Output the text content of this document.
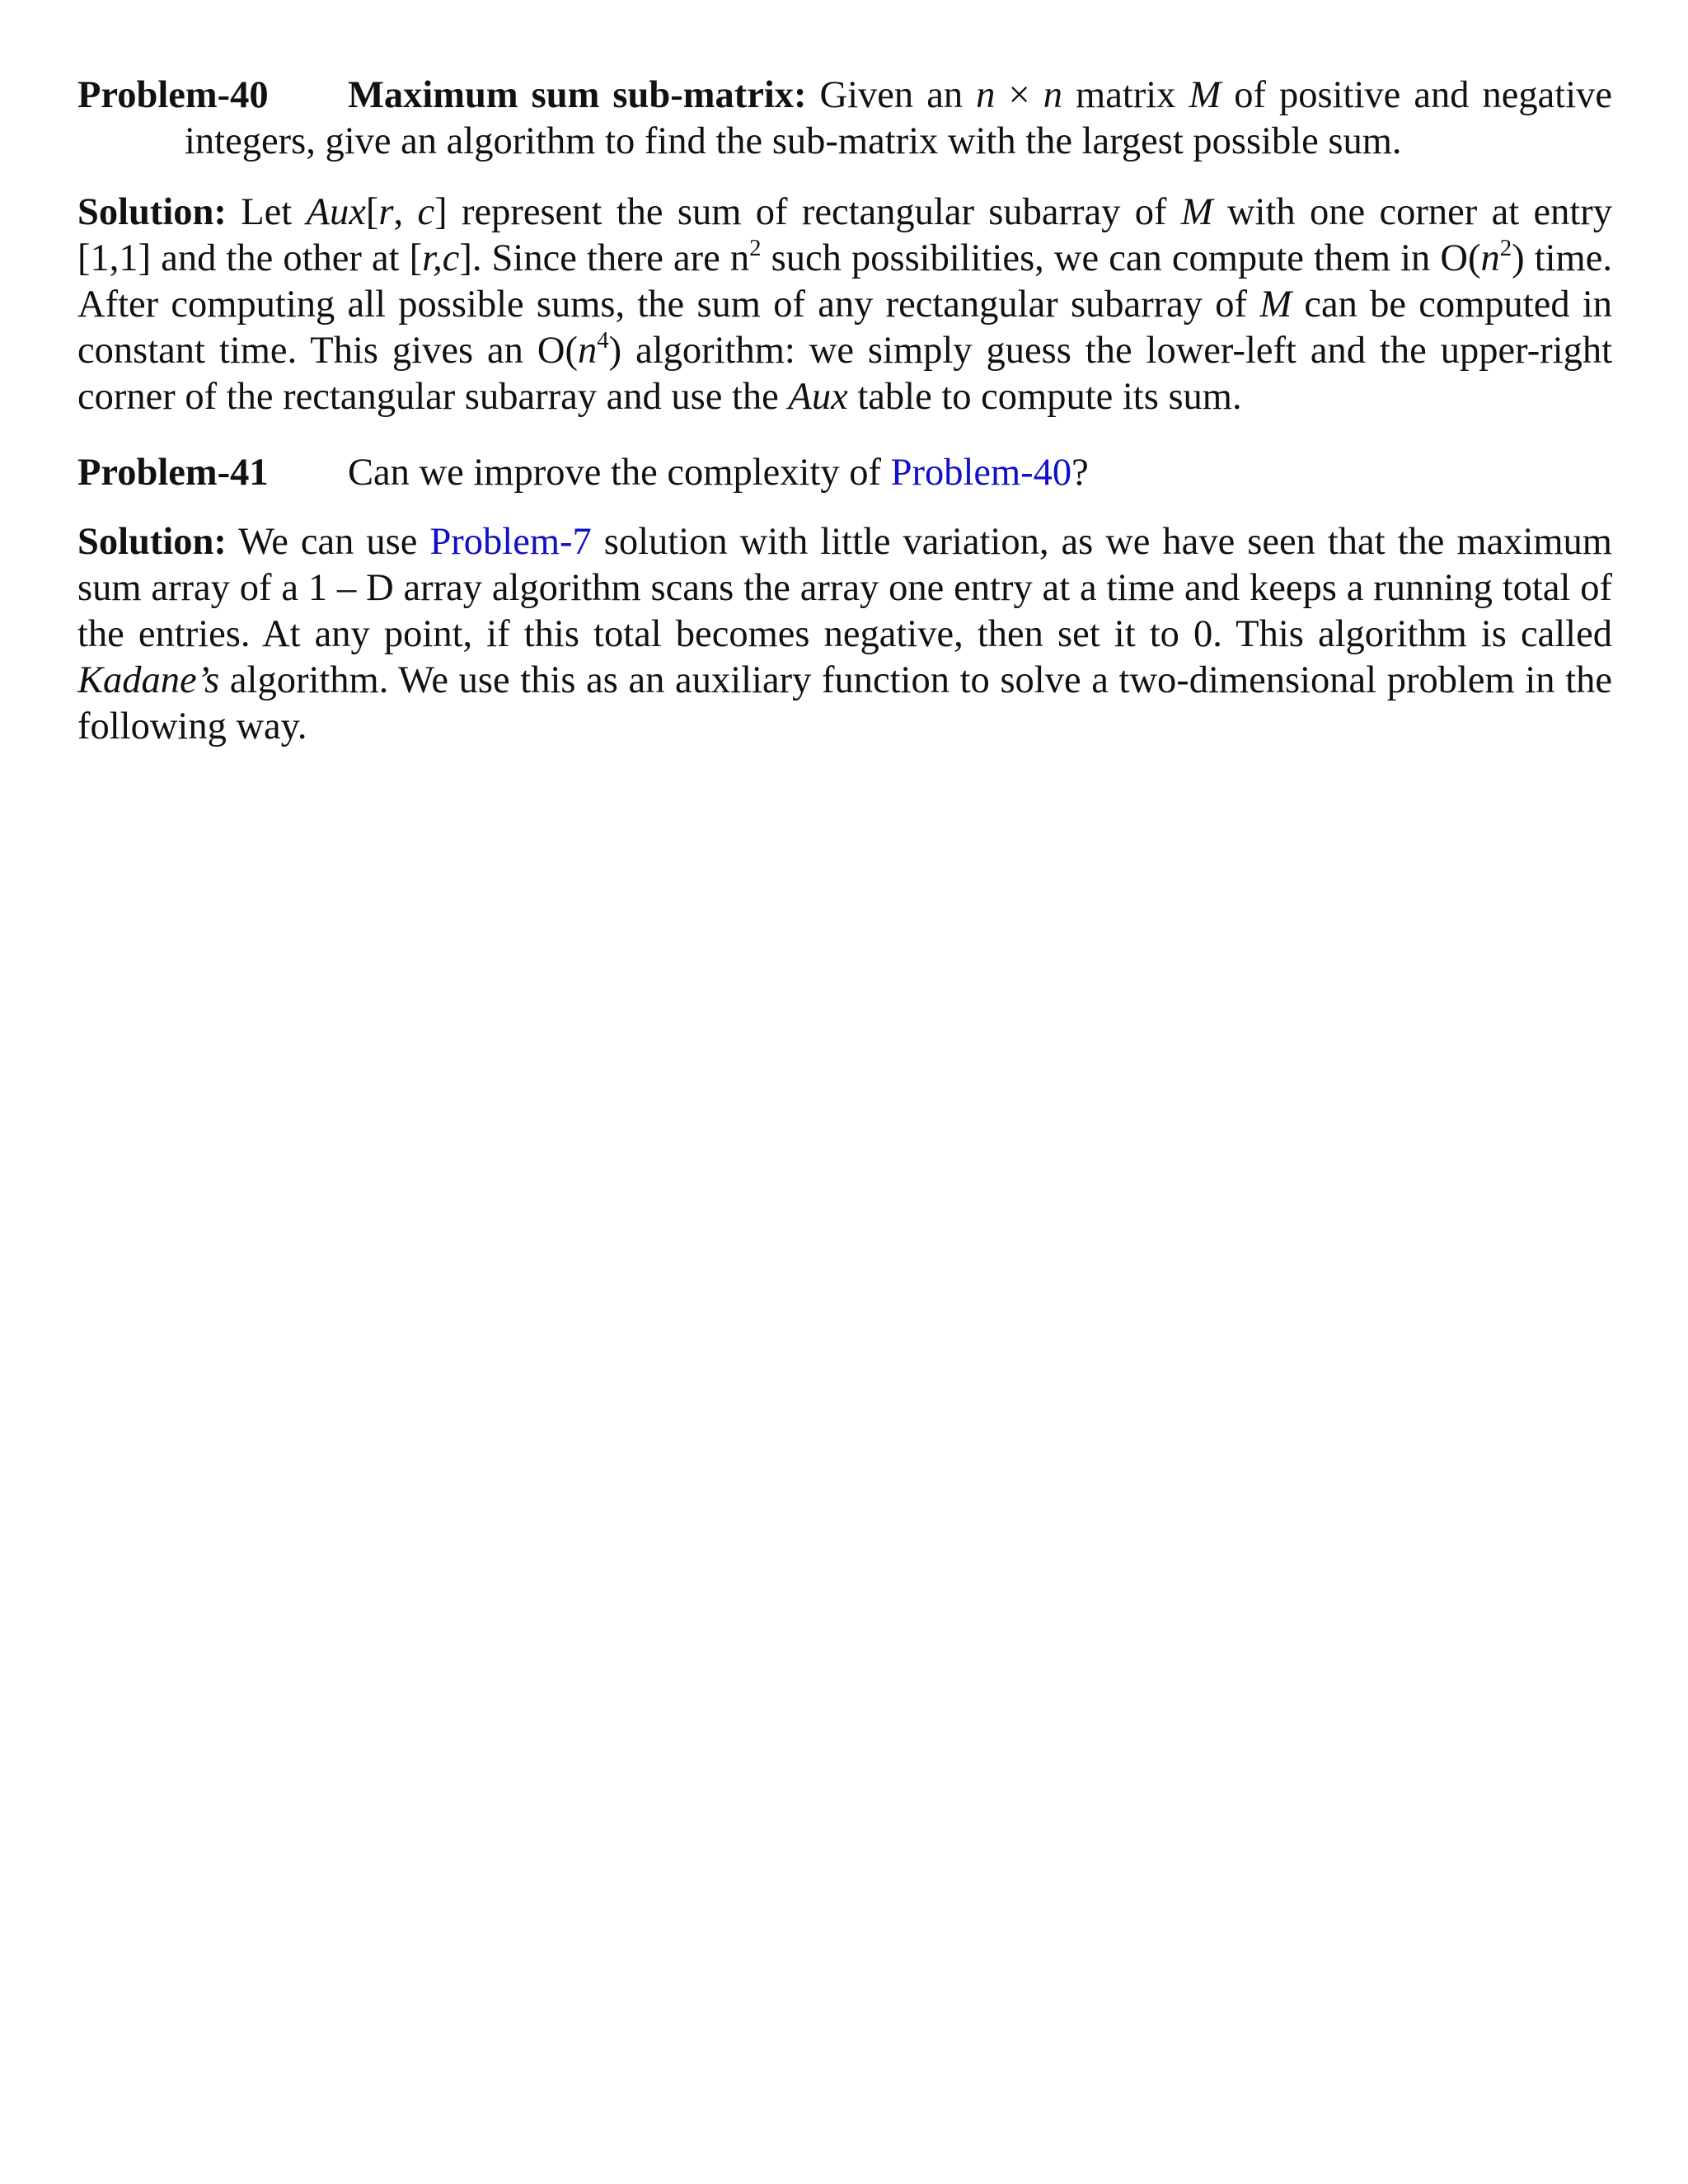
Problem-40 Maximum sum sub-matrix: Given an n × n matrix M of positive and negative integers, give an algorithm to find the sub-matrix with the largest possible sum.

Solution: Let Aux[r, c] represent the sum of rectangular subarray of M with one corner at entry [1,1] and the other at [r,c]. Since there are $n^2$ such possibilities, we can compute them in $O(n^2)$ time. After computing all possible sums, the sum of any rectangular subarray of M can be computed in constant time. This gives an $O(n^4)$ algorithm: we simply guess the lower-left and the upper-right corner of the rectangular subarray and use the Aux table to compute its sum.

Problem-41 Can we improve the complexity of Problem-40?

Solution: We can use Problem-7 solution with little variation, as we have seen that the maximum sum array of a 1 – D array algorithm scans the array one entry at a time and keeps a running total of the entries. At any point, if this total becomes negative, then set it to 0. This algorithm is called Kadane’s algorithm. We use this as an auxiliary function to solve a two-dimensional problem in the following way.
